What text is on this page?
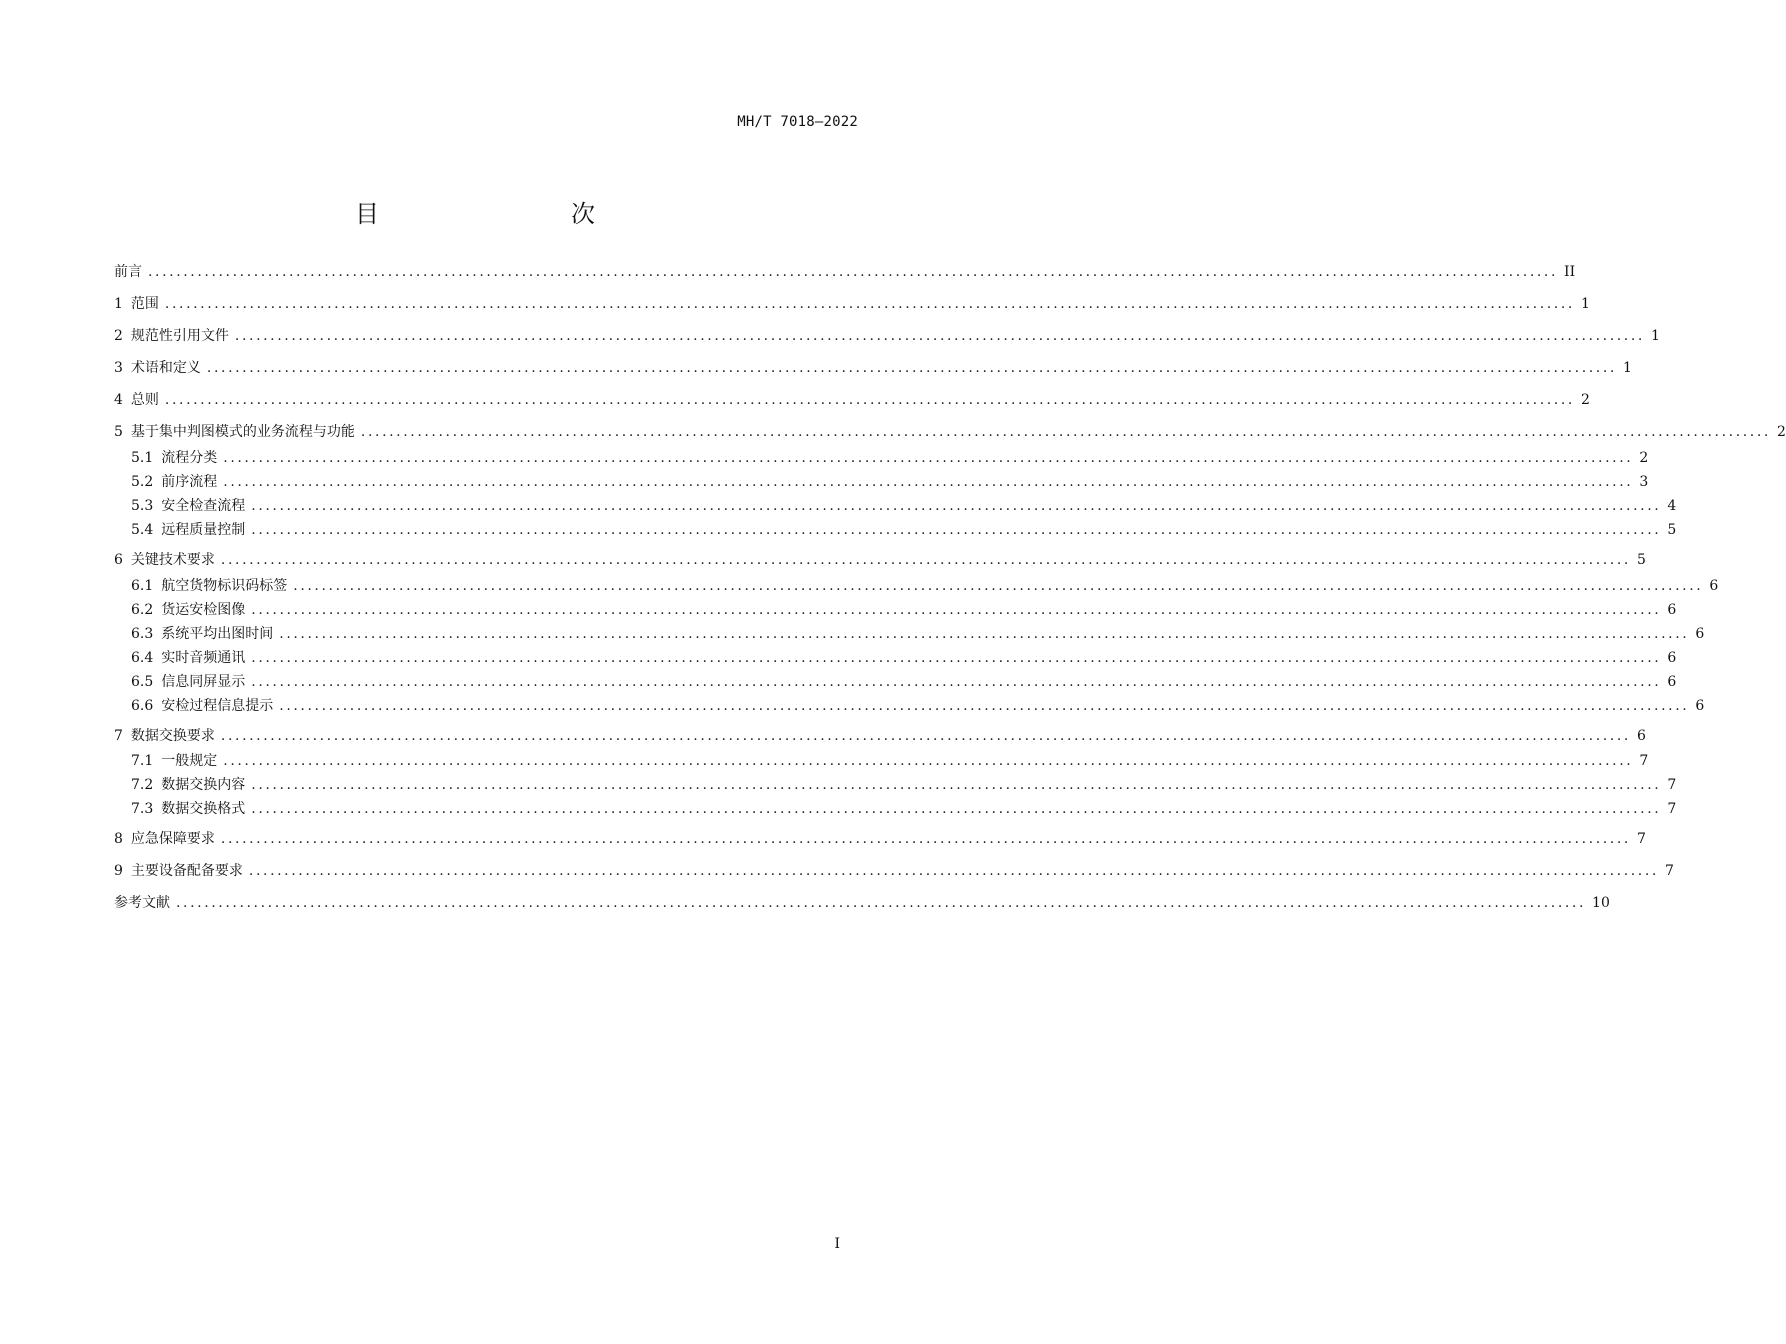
MH/T 7018—2022
目　　次
前言 ........................................................................................................................................................................................................ II
1 范围 ........................................................................................................................................................................................................ 1
2 规范性引用文件 ........................................................................................................................................................................................................ 1
3 术语和定义 ........................................................................................................................................................................................................ 1
4 总则 ........................................................................................................................................................................................................ 2
5 基于集中判图模式的业务流程与功能 ........................................................................................................................................................................................................ 2
5.1 流程分类 ........................................................................................................................................................................................................ 2
5.2 前序流程 ........................................................................................................................................................................................................ 3
5.3 安全检查流程 ........................................................................................................................................................................................................ 4
5.4 远程质量控制 ........................................................................................................................................................................................................ 5
6 关键技术要求 ........................................................................................................................................................................................................ 5
6.1 航空货物标识码标签 ........................................................................................................................................................................................................ 6
6.2 货运安检图像 ........................................................................................................................................................................................................ 6
6.3 系统平均出图时间 ........................................................................................................................................................................................................ 6
6.4 实时音频通讯 ........................................................................................................................................................................................................ 6
6.5 信息同屏显示 ........................................................................................................................................................................................................ 6
6.6 安检过程信息提示 ........................................................................................................................................................................................................ 6
7 数据交换要求 ........................................................................................................................................................................................................ 6
7.1 一般规定 ........................................................................................................................................................................................................ 7
7.2 数据交换内容 ........................................................................................................................................................................................................ 7
7.3 数据交换格式 ........................................................................................................................................................................................................ 7
8 应急保障要求 ........................................................................................................................................................................................................ 7
9 主要设备配备要求 ........................................................................................................................................................................................................ 7
参考文献 ........................................................................................................................................................................................................ 10
I
